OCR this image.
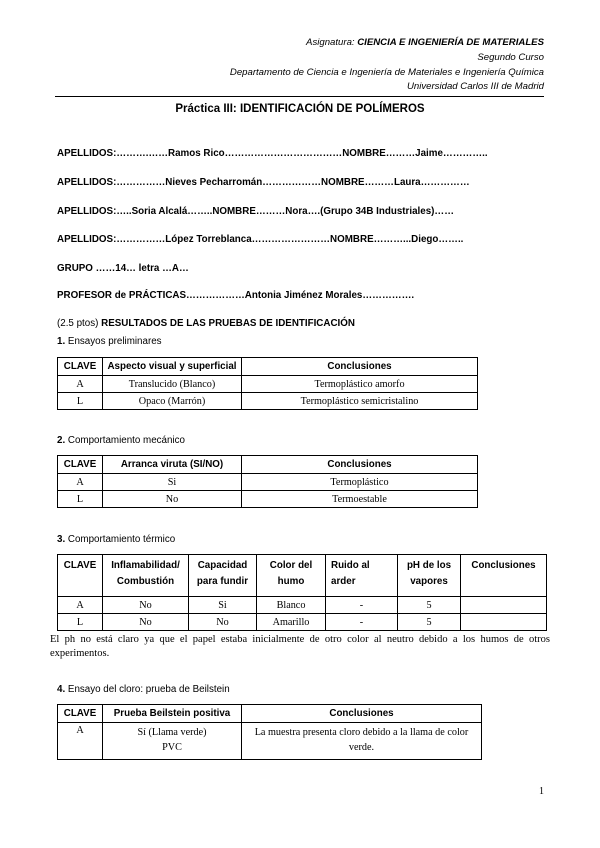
Asignatura: CIENCIA E INGENIERÍA DE MATERIALES
Segundo Curso
Departamento de Ciencia e Ingeniería de Materiales e Ingeniería Química
Universidad Carlos III de Madrid
Práctica III: IDENTIFICACIÓN DE POLÍMEROS
APELLIDOS:……….……Ramos Rico………………………………NOMBRE………Jaime…………..
APELLIDOS:……………Nieves Pecharromán………………NOMBRE………Laura……………
APELLIDOS:…..Soria Alcalá……..NOMBRE………Nora….(Grupo 34B Industriales)……
APELLIDOS:……………López Torreblanca……………………NOMBRE………...Diego……..
GRUPO ……14… letra …A…
PROFESOR de PRÁCTICAS………………Antonia Jiménez Morales…………….
(2.5 ptos) RESULTADOS DE LAS PRUEBAS DE IDENTIFICACIÓN
1. Ensayos preliminares
CLAVE	Aspecto visual y superficial	Conclusiones
A	Translucido (Blanco)	Termoplástico amorfo
L	Opaco (Marrón)	Termoplástico semicristalino
2. Comportamiento mecánico
CLAVE	Arranca viruta (SI/NO)	Conclusiones
A	Si	Termoplástico
L	No	Termoestable
3. Comportamiento térmico
CLAVE	Inflamabilidad/ Combustión	Capacidad para fundir	Color del humo	Ruido al arder	pH de los vapores	Conclusiones
A	No	Si	Blanco	-	5	
L	No	No	Amarillo	-	5	
El ph no está claro ya que el papel estaba inicialmente de otro color al neutro debido a los humos de otros experimentos.
4. Ensayo del cloro: prueba de Beilstein
CLAVE	Prueba Beilstein positiva	Conclusiones
A	Sí (Llama verde) PVC	La muestra presenta cloro debido a la llama de color verde.
1
